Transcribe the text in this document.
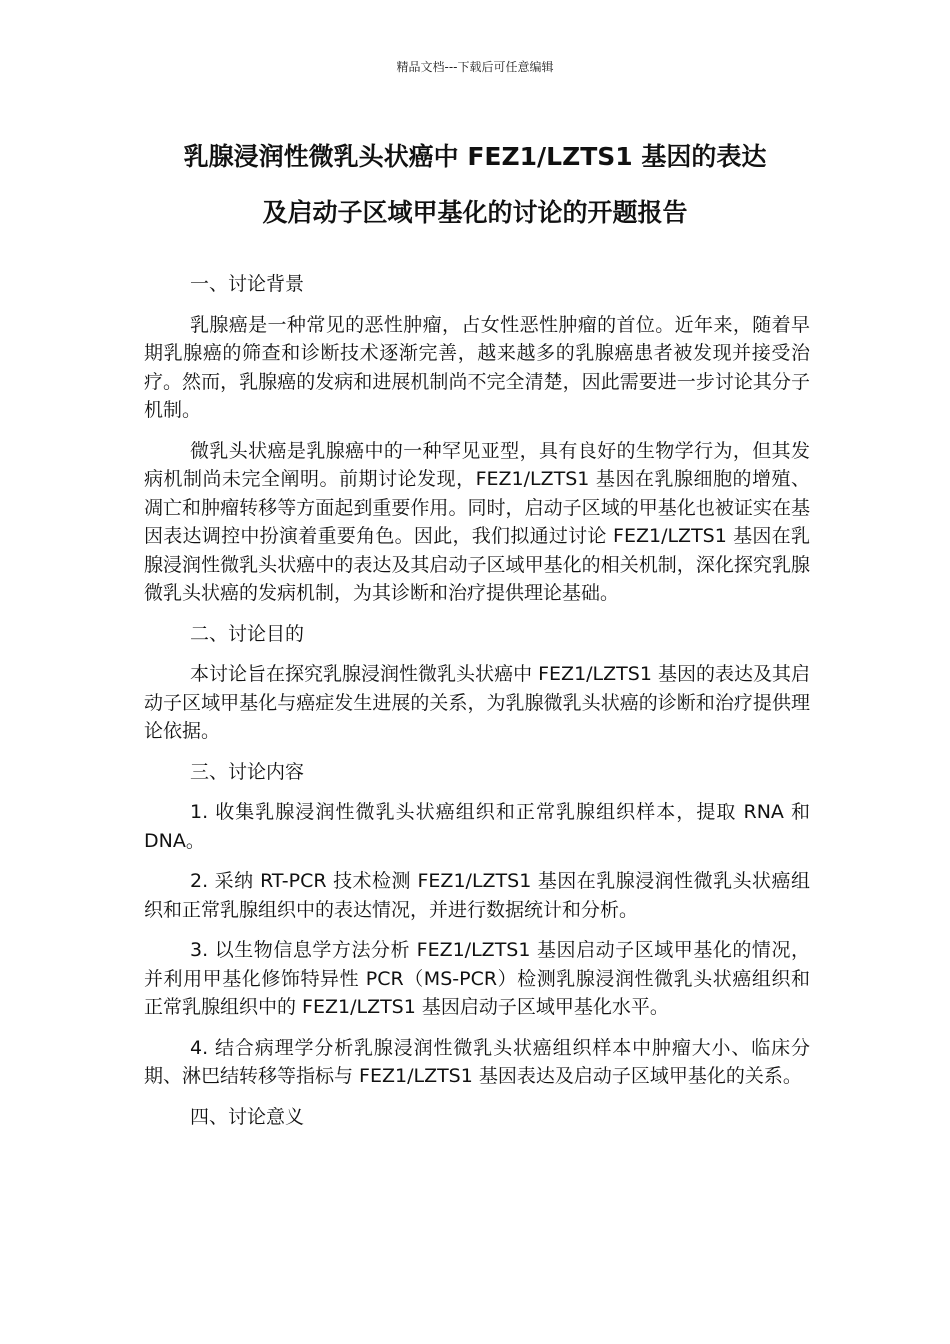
精品文档---下载后可任意编辑
乳腺浸润性微乳头状癌中 FEZ1/LZTS1 基因的表达
及启动子区域甲基化的讨论的开题报告
一、讨论背景

乳腺癌是一种常见的恶性肿瘤，占女性恶性肿瘤的首位。近年来，随着早期乳腺癌的筛查和诊断技术逐渐完善，越来越多的乳腺癌患者被发现并接受治疗。然而，乳腺癌的发病和进展机制尚不完全清楚，因此需要进一步讨论其分子机制。

微乳头状癌是乳腺癌中的一种罕见亚型，具有良好的生物学行为，但其发病机制尚未完全阐明。前期讨论发现，FEZ1/LZTS1 基因在乳腺细胞的增殖、凋亡和肿瘤转移等方面起到重要作用。同时，启动子区域的甲基化也被证实在基因表达调控中扮演着重要角色。因此，我们拟通过讨论 FEZ1/LZTS1 基因在乳腺浸润性微乳头状癌中的表达及其启动子区域甲基化的相关机制，深化探究乳腺微乳头状癌的发病机制，为其诊断和治疗提供理论基础。

二、讨论目的

本讨论旨在探究乳腺浸润性微乳头状癌中 FEZ1/LZTS1 基因的表达及其启动子区域甲基化与癌症发生进展的关系，为乳腺微乳头状癌的诊断和治疗提供理论依据。

三、讨论内容

1. 收集乳腺浸润性微乳头状癌组织和正常乳腺组织样本，提取 RNA 和 DNA。

2. 采纳 RT-PCR 技术检测 FEZ1/LZTS1 基因在乳腺浸润性微乳头状癌组织和正常乳腺组织中的表达情况，并进行数据统计和分析。

3. 以生物信息学方法分析 FEZ1/LZTS1 基因启动子区域甲基化的情况，并利用甲基化修饰特异性 PCR（MS-PCR）检测乳腺浸润性微乳头状癌组织和正常乳腺组织中的 FEZ1/LZTS1 基因启动子区域甲基化水平。

4. 结合病理学分析乳腺浸润性微乳头状癌组织样本中肿瘤大小、临床分期、淋巴结转移等指标与 FEZ1/LZTS1 基因表达及启动子区域甲基化的关系。

四、讨论意义
